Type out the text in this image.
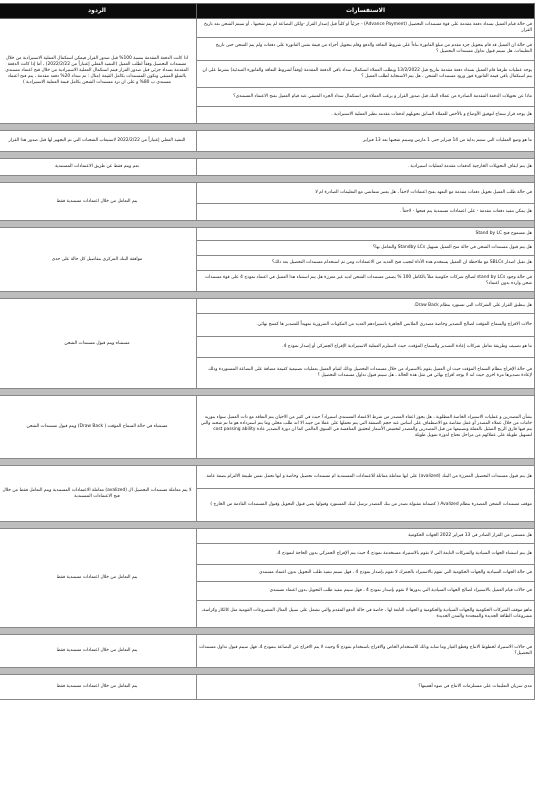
الاستفسارات	الردود
في حالة قيام العميل بسداد دفعة مقدمة على قوة مستندات التحصيل (Advance Payment) - جزئياً او كلياً قبل إصدار القرار -ولكن البضاعة لم يتم شحنها ، أو سيتم الشحن بعد تاريخ القرار	اذا كانت الدفعة المقدمة بنسبة 100% قبل صدور القرار فيمكن استكمال العملية الاستيرادية من خلال مستندات التحصيل وفقاً لطلب العميل (التنفيذ الفعلي إعتباراً من 2022/2/22) ، أما إذا كانت الدفعة المقدمة بسداد جزئي قبل صدور القرار فيتم استكمال العملية الاستيرادية من خلال فتح اعتماد مستندي بالمبلغ المتبقي وتكون المستندات بكامل القيمة (مثال : تم سداد 20% دفعه مقدمة ، يتم فتح اعتماد مستندي ب 80% و على ان ترد مستندات الشحن بكامل قيمة العملية الاستيرادية )
في حالة ان العميل قد قام بتحويل جزء مقدم من مبلغ الفاتورة بناءاً على شروط التعاقد والدفع وقام بتحويل أجزاء من قيمة نفس الفاتورة على دفعات ولم يتم الشحن حتى تاريخ التعليمات، هل سيتم قبول تداول مستندات التحصيل ؟	
يوجد عمليات طرفنا قام العميل بسداد دفعة مقدمة بتاريخ قبل 13/2/2022 ويطلب العملاء استكمال سداد باقي الدفعة المقدمة (وفقاً لشروط التعاقد والفاتورة المبدئية) بشرط على ان يتم استكمال باقي قيمة الفاتورة فور ورود مستندات الشحن ، هل يتم الاستجابة لطلب العميل ؟	
ماذا عن تحويلات الدفعة المقدمة الصادرة من عملاء البنك قبل صدور القرار و يرغب العملاء في استكمال سداد الجزء المتبقي عند قيام العميل بفتح الاعتماد المستندي؟	
هل يوجد قرار سماح لتوفيق الأوضاع و بالأخص للعملاء السابق تحويلهم لدفعات مقدمه نظير العملية الاستيرادية .	

ما هو وضع العمليات التي ستتم بداية من 14 فبراير حتى 1 مارس وسيتم شحنها بعد 13 فبراير	التنفيذ الفعلي إعتباراً من 2022/2/22 لاستيعاب الشحنات التي تم التجهيز لها قبل صدور هذا القرار

هل يتم ايقاف التحويلات الخارجية كدفعات مقدمة لعمليات استيرادية .	نعم ويتم فقط عن طريق الاعتمادات المستندية

في حالة طلب العميل تحويل دفعات مقدمة مع التعهد بفتح اعتمادات لاحقاً ، هل يعتبر متماشي مع التعليمات الصادرة ام لا	يتم التعامل من خلال اعتمادات مستندية فقط
هل يمكن تنفيذ دفعات مقدمة - على اعتمادات مستندية يتم فتحها - لاحقاً .	

هل مسموح فتح Stand by LC	موافقة البنك المركزي بتفاصيل كل حالة على حدى
هل يتم قبول مستندات الشحن في حالة منح العميل تسهيل Standby LCs والتعامل بها؟	
هل تقبل اصدار SBLCs مع ملاحظة ان العميل يستخدم هذه الأداة لتجنب فتح العديد من الاعتمادات ومن ثم استخدام مستندات التحصيل بعد ذلك؟	
في حالة وجود stand by LCs لصالح شركات حكومية مثلاً بالكامل 100 % يضمن مستندات الشحن لديه غير معززة هل يتم استثناء هذا العميل في اعتماد نموذج 4 على قوة مستندات شحن وارده بدون اعتماد؟	

هل ينطبق القرار على الشركات التي تستورد بنظام Draw Back.	مستثناه ويتم قبول مستندات الشحن
حالات الافراج والسماح المؤقت لصالح التصدير وخاصة مصدري الملابس الجاهزة باستيرادهم العديد من المكونات الضرورية تمهيداً للتصدير ها كمنتج نهائي.	
ما هو تصنيف وطريقة تعامل شركات إعادة التصدير والسماح المؤقت، حيث لاستلزم العملية الاستيرادية الإفراج الجمركي أو إصدار نموذج 4.	
في حالة الإفراج بنظام السماح المؤقت حيث ان العميل يقوم بالاستيراد من خلال مستندات التحصيل وذلك لقيام العميل بعمليات تصنيعية كقيمة مضافة على البضاعة المستوردة وذلك لإعادة تصديرها مرة اخري حيث انه لا يوجد افراج نهائي في مثل هذه الحالة ، هل سيتم قبول تداول مستندات التحصيل ؟	

بشأن المصدرين و عمليات الاستيراد الخاصة المطلوبة ، هل يجوز اعفاء المصدر من شرط الاعتماد المستندي استيراد؟ حيث في كثير من الاحيان يتم التعاقد مع ذات العميل سواء بتوريد خامات من خلال عملاء المصدر أو عمل مقاصة مع الاصطفاف على أساس عند حجم الصفقة التي يتم تحملها على عملا من جيبه الا انه طلب محلي وما يتم استرداده هو ما تم شحنه والتي يتم فيها فارق الربح الضئيل بالعملة وتصنيعها من قبل المصدرين والمصدر لتخفيض الأسعار لتحقيق المنافسة في السوق العالمي كما ان دورة التصدير عادة cost passing ability لتسهيل طويلة على عملائهم من مراحل تحتاج لدورة تمويل طويلة	مستثناه في حالة السماح المؤقت ( Draw Back) ويتم قبول مستندات الشحن

هل يتم قبول مستندات التحصيل المعززة من البنك (avalized) على انها معاملة مماثلة للاعتمادات المستندية ام مستندات تحصيل وخاصة و انها تحمل نفس طبيعة الالتزام بصفة عامة	لا يتم معاملة مستندات التحصيل ال (avalized) معاملة الاعتمادات المستندية ويتم التعامل فقط من خلال فتح الاعتمادات المستندية
موقف مستندات الشحن المصدرة بنظام Avalized ( كضمانة مقبولة تصدر من بنك المصدر ترسل لبنك المستورد وقبولها يعني قبول التحويل وقبول المستندات القادمة من الخارج )	

هل مستثنى من القرار الصادر في 13 فبراير 2022 الجهات الحكومية	يتم التعامل من خلال اعتمادات مستندية فقط
هل يتم استثناء الجهات السيادية والشركات التابعة التي لا تقوم بالاستيراد مستخدمة نموذج 4 حيث يتم الإفراج الجمركي بدون الحاجة لنموذج 4.	
في حالة الجهات السيادية والجهات الحكومية التي تقوم بالاستيراد بالجمرك لا تقوم بإصدار نموذج 4 ، فهل سيتم تنفيذ طلب التحويل بدون اعتماد مستندي	
في حالات قيام العميل بالاستيراد لصالح الجهات السيادية التي بدورها لا تقوم بإصدار نموذج 4 ، فهل سيتم تنفيذ طلب التحويل بدون اعتماد مستندي	
ماهو موقف الشركات الحكومية والجهات السيادية والحكومية و الجهات التابعة لها ، خاصة في حالة الدفع المقدم والتي تشمل على سبيل المثال المشروعات القومية مثل كالكار وكراسة، مشروعات الطاقة الجديدة والمتجددة والمدن الجديدة	

في حالات الاستيراد لخطوط الانتاج وقطع الغيار وما شابه وذلك للاستخدام الخاص والافراج باستخدام نموذج 6 وحيث لا يتم الافراج عن البضاعة بنموذج 4، فهل سيتم قبول تداول مستندات التحصيل؟	يتم التعامل من خلال اعتمادات مستندية فقط

مدي سريان التعليمات على مستلزمات الانتاج في ضوء أهميتها؟	يتم التعامل من خلال اعتمادات مستندية فقط
